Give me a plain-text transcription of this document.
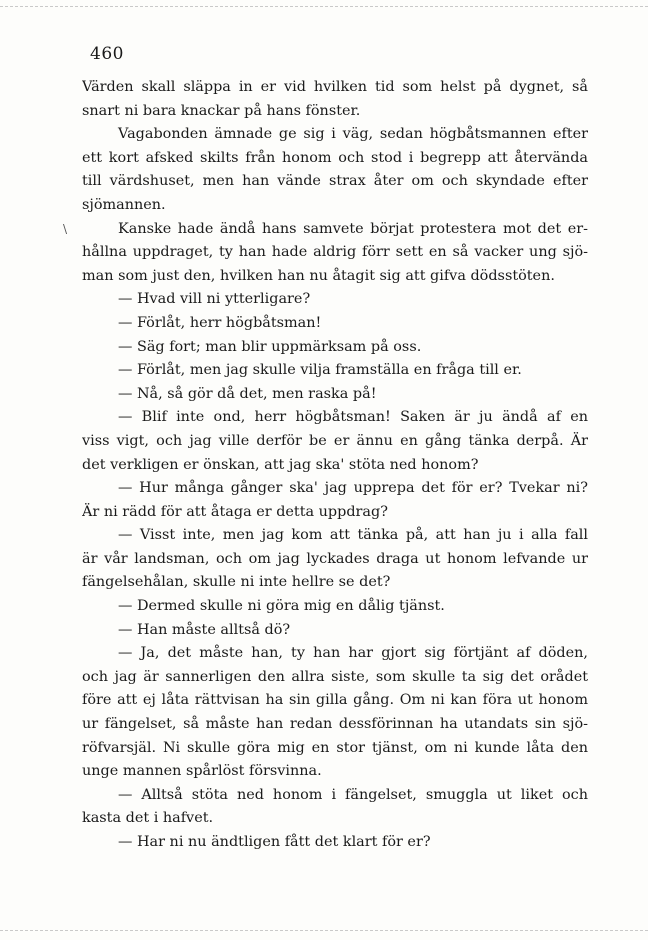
460
\
Värden skall släppa in er vid hvilken tid som helst på dygnet, så
snart ni bara knackar på hans fönster.
Vagabonden ämnade ge sig i väg, sedan högbåtsmannen efter
ett kort afsked skilts från honom och stod i begrepp att återvända
till värdshuset, men han vände strax åter om och skyndade efter
sjömannen.
Kanske hade ändå hans samvete börjat protestera mot det er-
hållna uppdraget, ty han hade aldrig förr sett en så vacker ung sjö-
man som just den, hvilken han nu åtagit sig att gifva dödsstöten.
— Hvad vill ni ytterligare?
— Förlåt, herr högbåtsman!
— Säg fort; man blir uppmärksam på oss.
— Förlåt, men jag skulle vilja framställa en fråga till er.
— Nå, så gör då det, men raska på!
— Blif inte ond, herr högbåtsman! Saken är ju ändå af en
viss vigt, och jag ville derför be er ännu en gång tänka derpå. Är
det verkligen er önskan, att jag ska' stöta ned honom?
— Hur många gånger ska' jag upprepa det för er? Tvekar ni?
Är ni rädd för att åtaga er detta uppdrag?
— Visst inte, men jag kom att tänka på, att han ju i alla fall
är vår landsman, och om jag lyckades draga ut honom lefvande ur
fängelsehålan, skulle ni inte hellre se det?
— Dermed skulle ni göra mig en dålig tjänst.
— Han måste alltså dö?
— Ja, det måste han, ty han har gjort sig förtjänt af döden,
och jag är sannerligen den allra siste, som skulle ta sig det orådet
före att ej låta rättvisan ha sin gilla gång. Om ni kan föra ut honom
ur fängelset, så måste han redan dessförinnan ha utandats sin sjö-
röfvarsjäl. Ni skulle göra mig en stor tjänst, om ni kunde låta den
unge mannen spårlöst försvinna.
— Alltså stöta ned honom i fängelset, smuggla ut liket och
kasta det i hafvet.
— Har ni nu ändtligen fått det klart för er?
